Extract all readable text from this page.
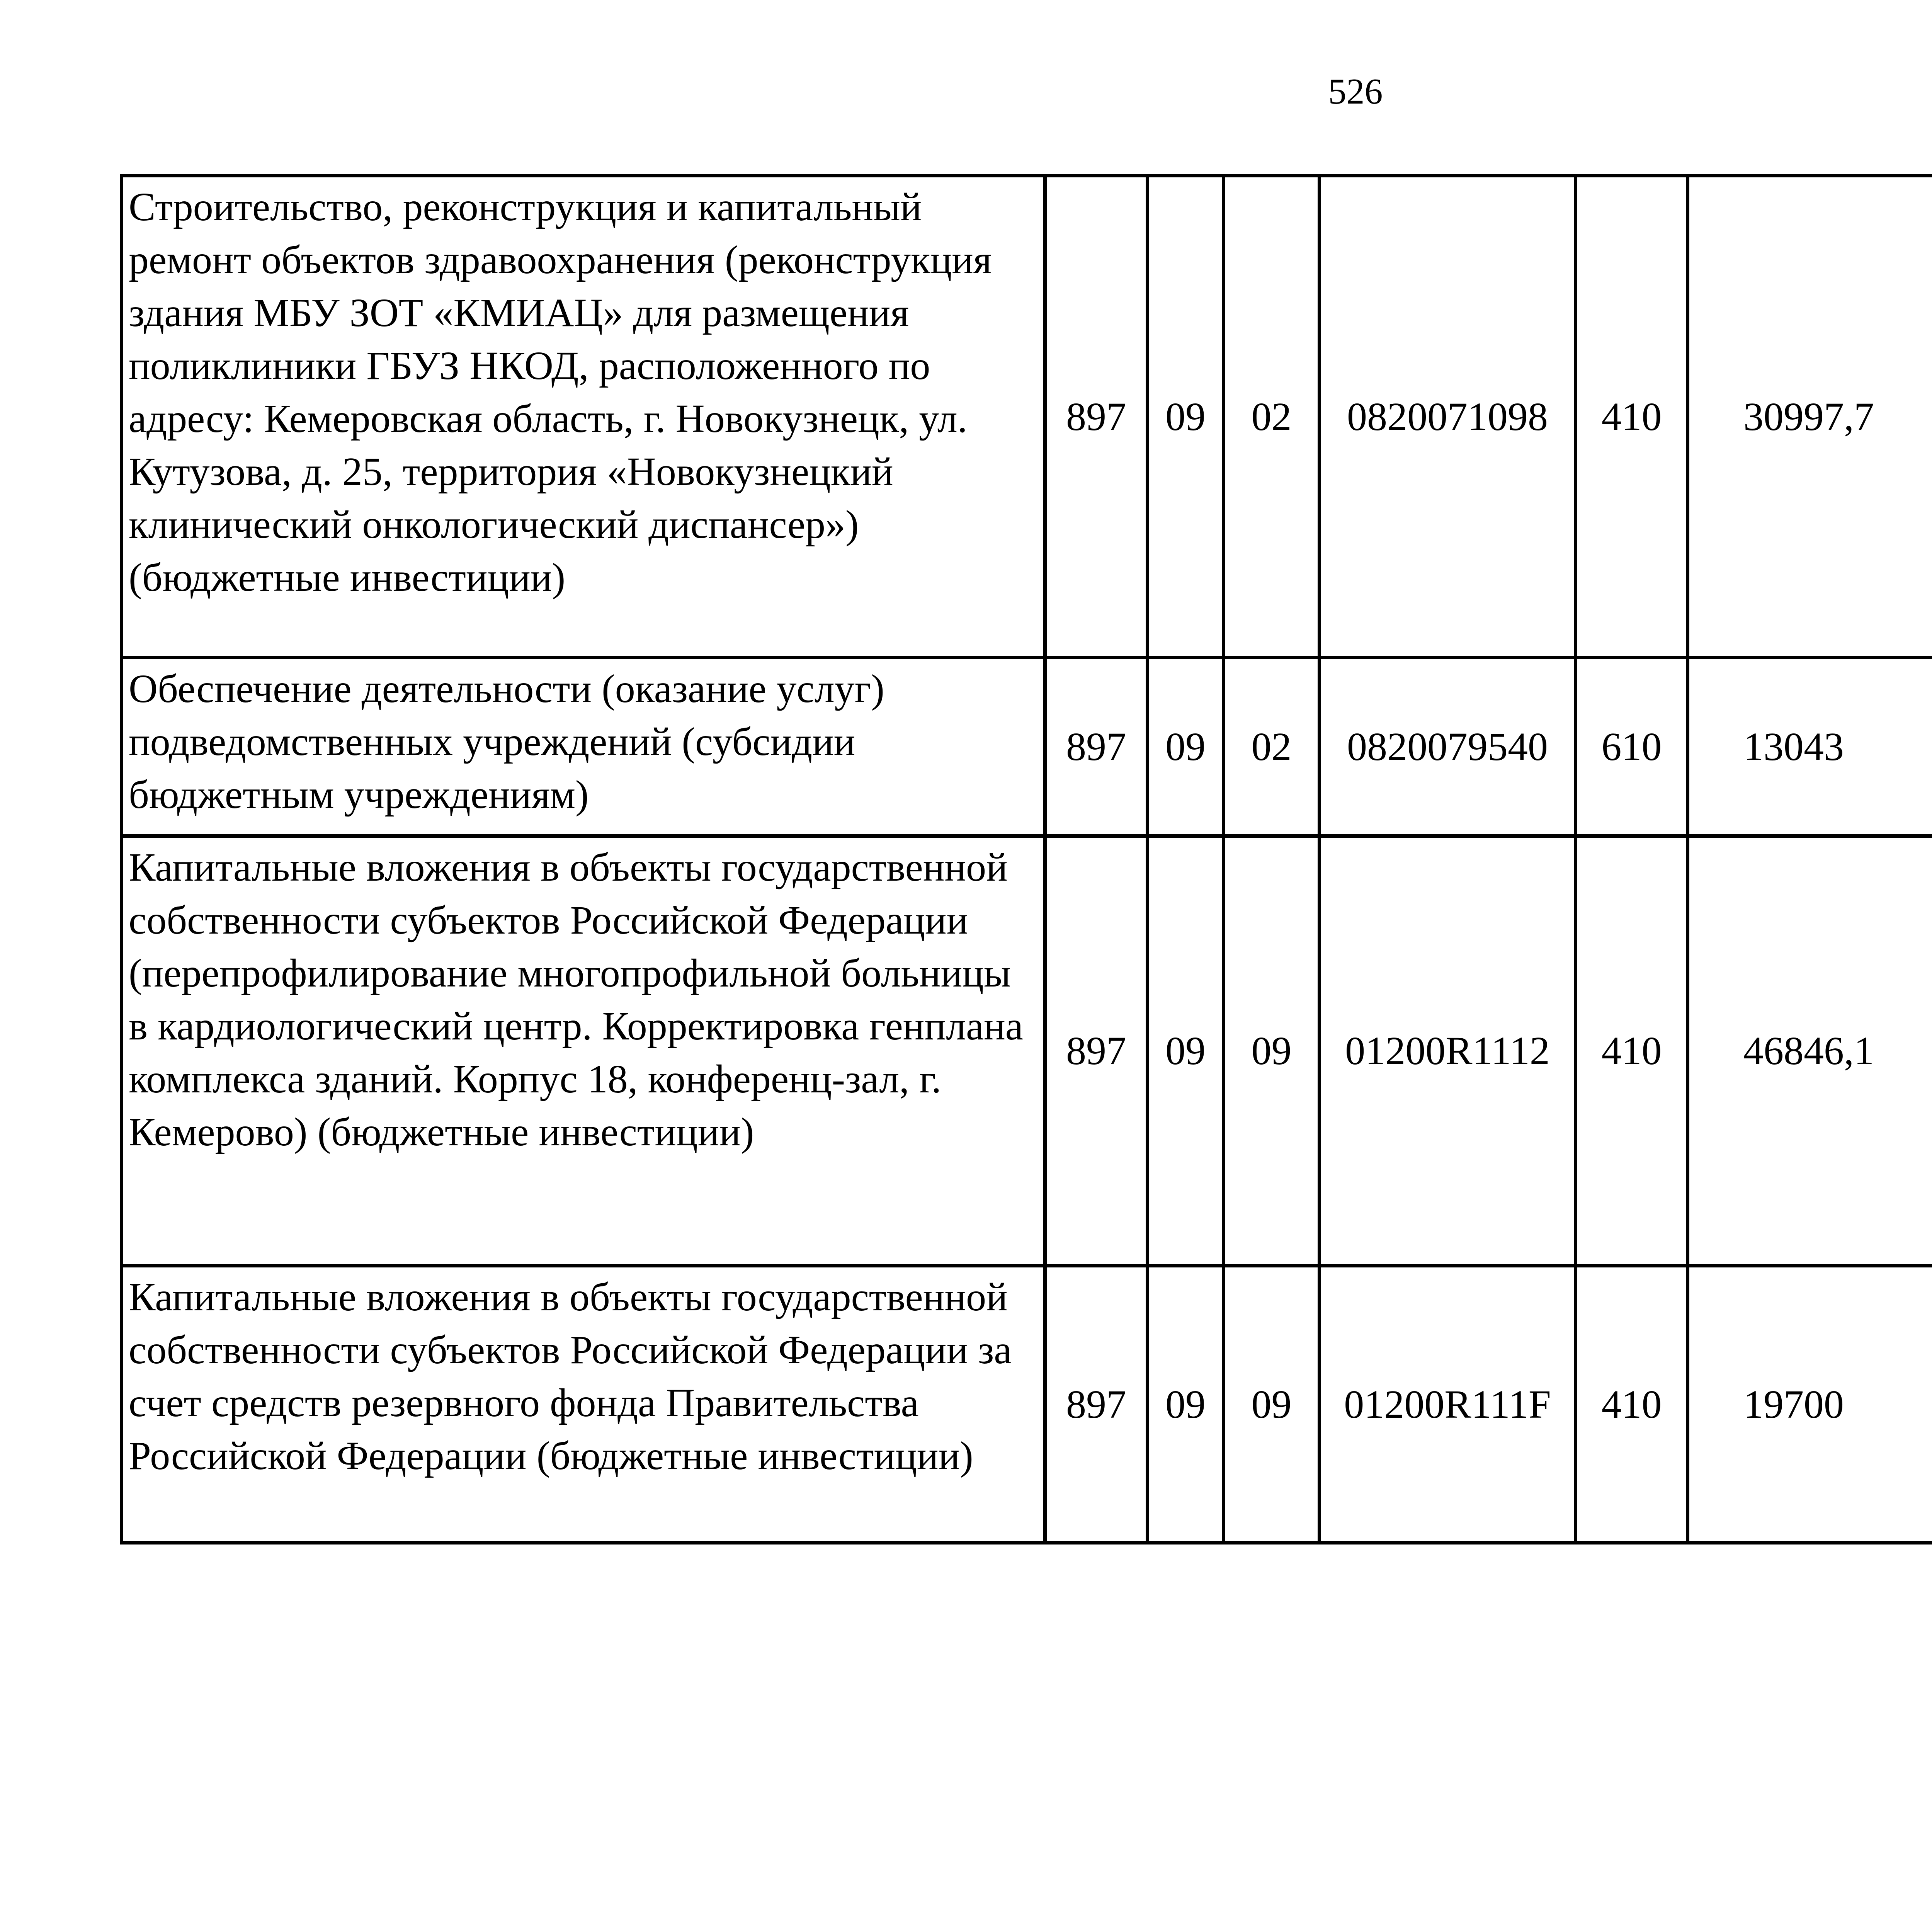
526
Строительство, реконструкция и капитальный ремонт объектов здравоохранения (реконструкция здания МБУ ЗОТ «КМИАЦ» для размещения поликлиники ГБУЗ НКОД, расположенного по адресу: Кемеровская область, г. Новокузнецк, ул. Кутузова, д. 25, территория «Новокузнецкий клинический онкологический диспансер») (бюджетные инвестиции)	897	09	02	0820071098	410	30997,7		
Обеспечение деятельности (оказание услуг) подведомственных учреждений (субсидии бюджетным учреждениям)	897	09	02	0820079540	610	13043		
Капитальные вложения в объекты государственной собственности субъектов Российской Федерации (перепрофилирование многопрофильной больницы в кардиологический центр. Корректировка генплана комплекса зданий. Корпус 18, конференц-зал, г. Кемерово) (бюджетные инвестиции)	897	09	09	01200R1112	410	46846,1		
Капитальные вложения в объекты государственной собственности субъектов Российской Федерации за счет средств резервного фонда Правительства Российской Федерации (бюджетные инвестиции)	897	09	09	01200R111F	410	19700		
